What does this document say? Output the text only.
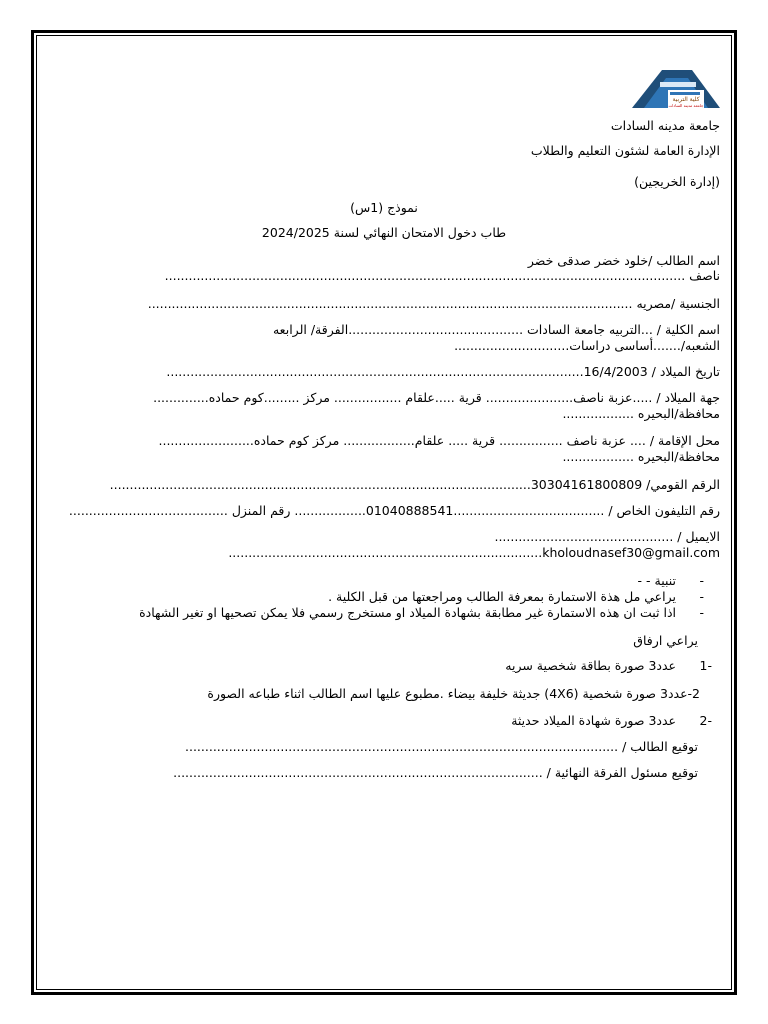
كلية التربية
جامعة مدينة السادات
جامعة مدينه السادات
الإدارة العامة لشئون التعليم والطلاب
(إدارة الخريجين)
نموذج (1س)
طاب دخول الامتحان النهائي لسنة 2024/2025
اسم الطالب /خلود خضر صدقى خضر
ناصف ...................................................................................................................................
الجنسية /مصريه ..........................................................................................................................
اسم الكلية / ...التربيه جامعة السادات ............................................الفرقة/ الرابعه
الشعبه/.......أساسى دراسات.............................
تاريخ الميلاد / 16/4/2003.........................................................................................................
جهة الميلاد / .....عزبة ناصف...................... قرية .....علقام ................. مركز .........كوم حماده..............
محافظة/البحيره ..................
محل الإقامة / .... عزبة ناصف ................ قرية ..... علقام.................. مركز كوم حماده........................
محافظة/البحيره ..................
الرقم القومي/ 30304161800809..........................................................................................................
رقم التليفون الخاص / ......................................01040888541.................. رقم المنزل ........................................
الايميل / .............................................
kholoudnasef30@gmail.com...............................................................................
-
تنبية - -
-
يراعي مل هذة الاستمارة بمعرفة الطالب ومراجعتها من قبل الكلية .
-
اذا ثبت ان هذه الاستمارة غير مطابقة بشهادة الميلاد او مستخرج رسمي فلا يمكن تصحيها او تغير الشهادة
يراعي ارفاق
-1
عدد3 صورة بطاقة شخصية سريه
2-عدد3 صورة شخصية (4X6) جديثة خليفة بيضاء .مطبوع عليها اسم الطالب اثناء طباعه الصورة
-2
عدد3 صورة شهادة الميلاد حديثة
توقيع الطالب / .............................................................................................................
توقيع مسئول الفرقة النهائية / .............................................................................................
